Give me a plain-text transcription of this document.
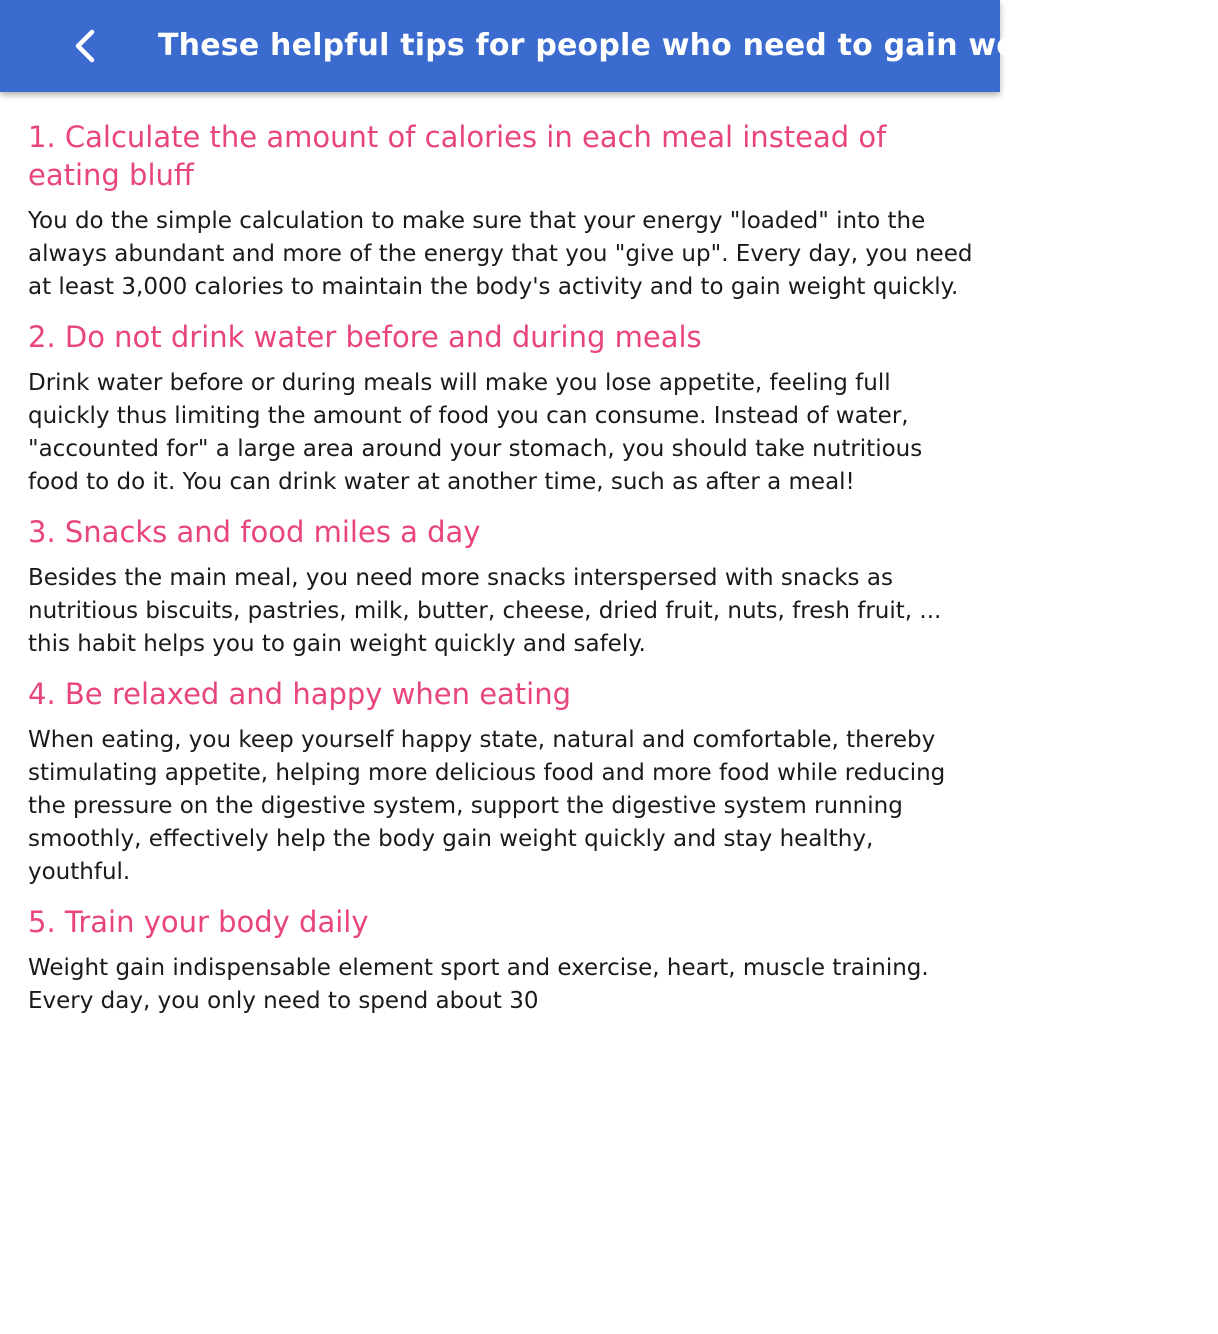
These helpful tips for people who need to gain weight quickly
1. Calculate the amount of calories in each meal instead of eating bluff

You do the simple calculation to make sure that your energy "loaded" into the always abundant and more of the energy that you "give up". Every day, you need at least 3,000 calories to maintain the body's activity and to gain weight quickly.

2. Do not drink water before and during meals

Drink water before or during meals will make you lose appetite, feeling full quickly thus limiting the amount of food you can consume. Instead of water, "accounted for" a large area around your stomach, you should take nutritious food to do it. You can drink water at another time, such as after a meal!

3. Snacks and food miles a day

Besides the main meal, you need more snacks interspersed with snacks as nutritious biscuits, pastries, milk, butter, cheese, dried fruit, nuts, fresh fruit, ... this habit helps you to gain weight quickly and safely.

4. Be relaxed and happy when eating

When eating, you keep yourself happy state, natural and comfortable, thereby stimulating appetite, helping more delicious food and more food while reducing the pressure on the digestive system, support the digestive system running smoothly, effectively help the body gain weight quickly and stay healthy, youthful.

5. Train your body daily

Weight gain indispensable element sport and exercise, heart, muscle training. Every day, you only need to spend about 30
